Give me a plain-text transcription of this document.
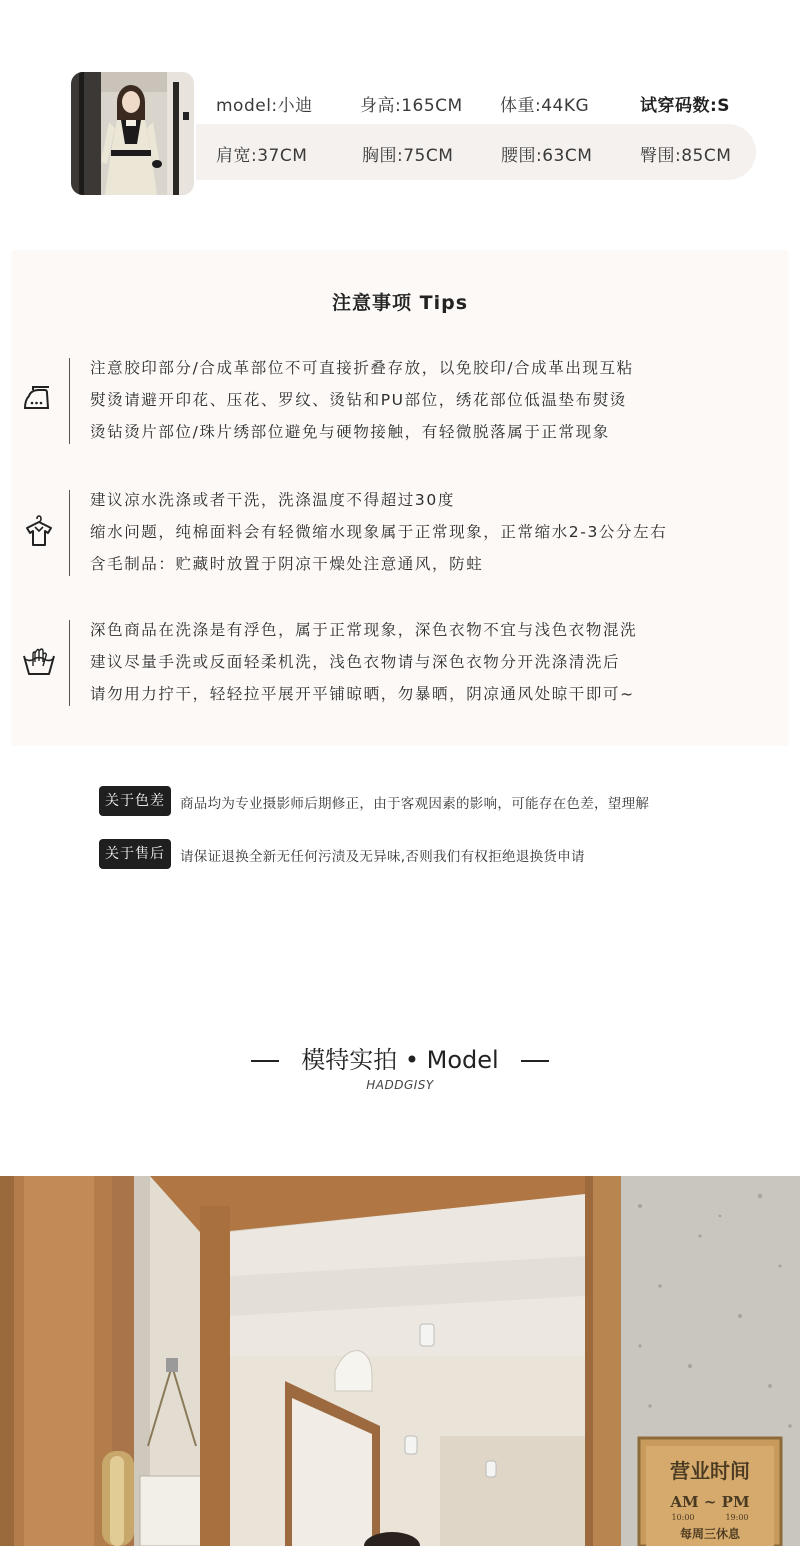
model:小迪	身高:165CM 体重:44KG	试穿码数:S
肩宽:37CM	胸围:75CM	腰围:63CM	臀围:85CM
注意事项 Tips
注意胶印部分/合成革部位不可直接折叠存放，以免胶印/合成革出现互粘
熨烫请避开印花、压花、罗纹、烫钻和PU部位，绣花部位低温垫布熨烫
烫钻烫片部位/珠片绣部位避免与硬物接触，有轻微脱落属于正常现象
建议凉水洗涤或者干洗，洗涤温度不得超过30度
缩水问题，纯棉面料会有轻微缩水现象属于正常现象，正常缩水2-3公分左右
含毛制品：贮藏时放置于阴凉干燥处注意通风，防蛀
深色商品在洗涤是有浮色，属于正常现象，深色衣物不宜与浅色衣物混洗
建议尽量手洗或反面轻柔机洗，浅色衣物请与深色衣物分开洗涤清洗后
请勿用力拧干，轻轻拉平展开平铺晾晒，勿暴晒，阴凉通风处晾干即可~
关于色差	商品均为专业摄影师后期修正，由于客观因素的影响，可能存在色差，望理解
关于售后	请保证退换全新无任何污渍及无异味,否则我们有权拒绝退换货申请
模特实拍 • Model
HADDGISY
营业时间
AM ~ PM
10:00	19:00
每周三休息
